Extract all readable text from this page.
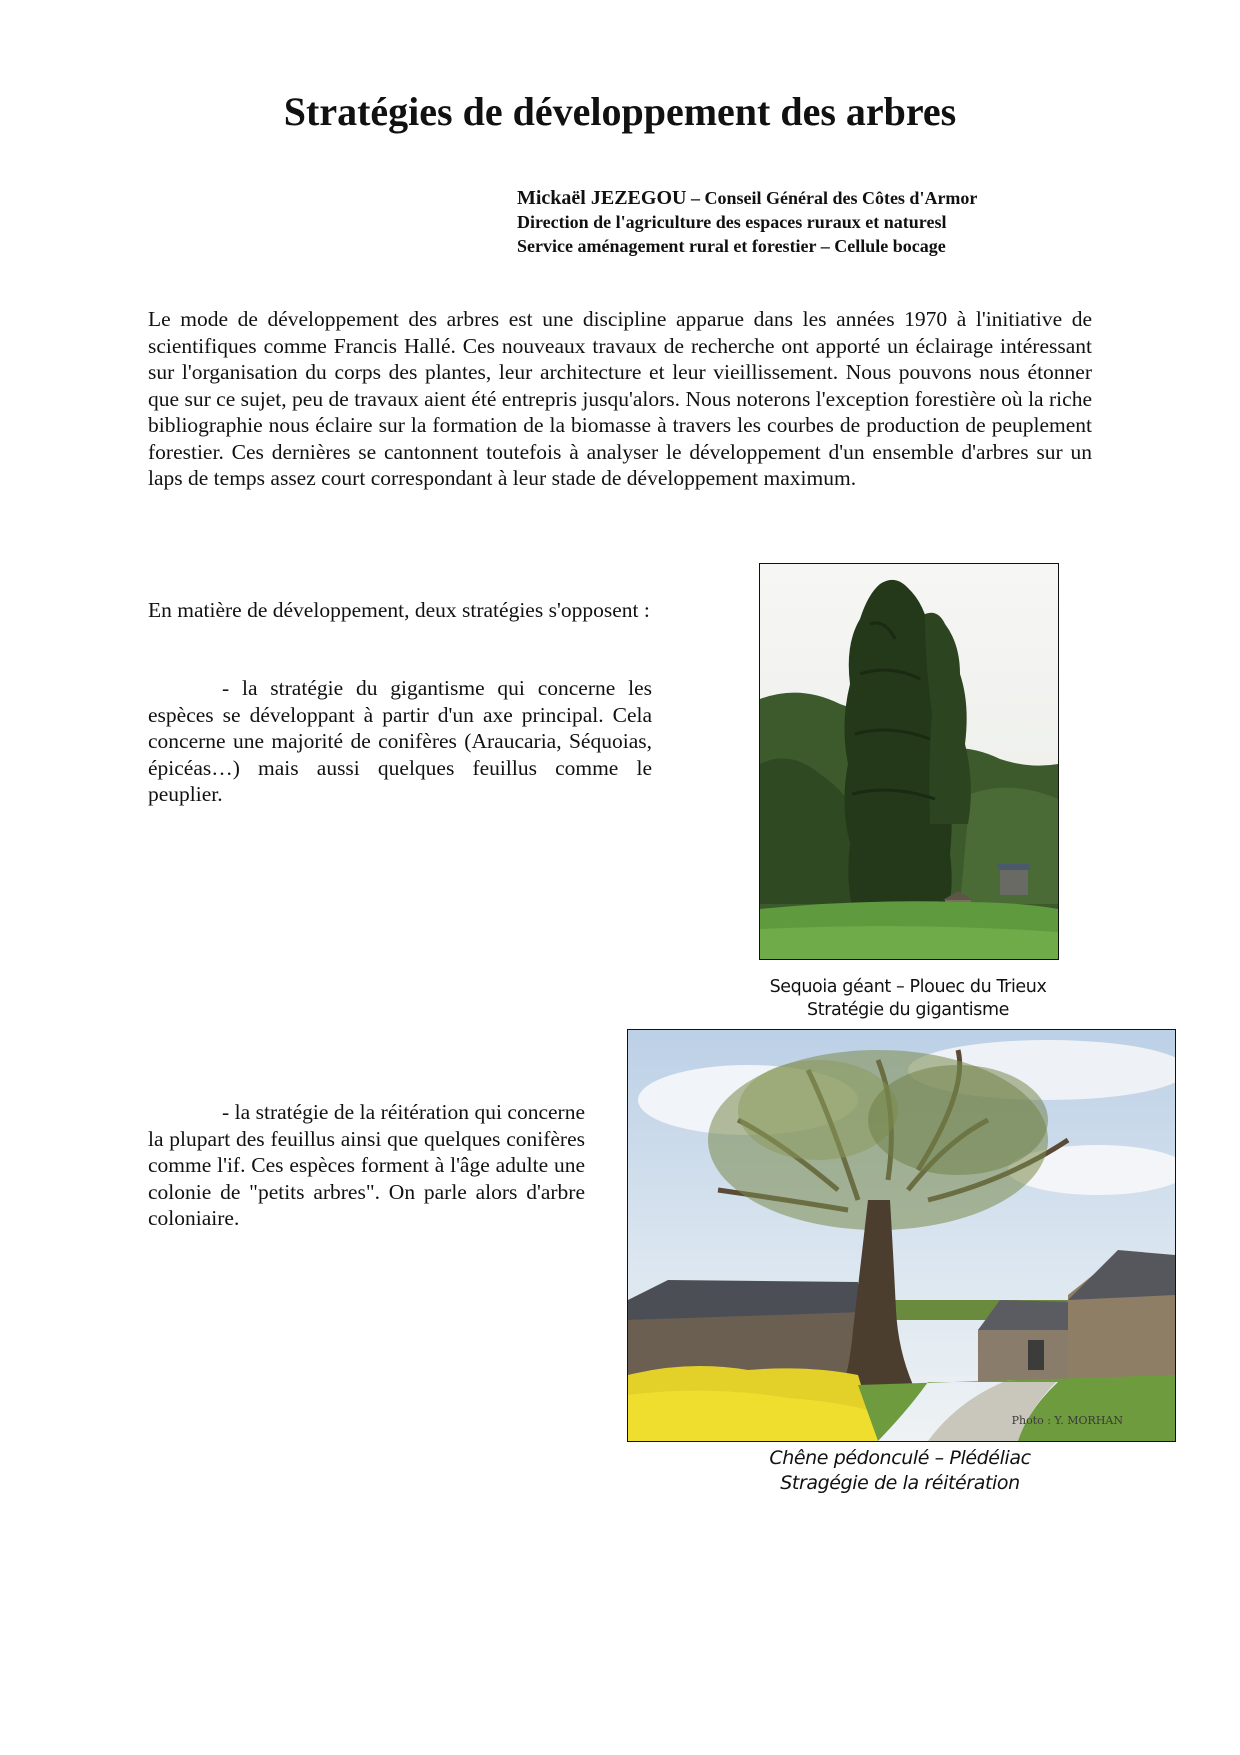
Stratégies de développement des arbres
Mickaël JEZEGOU – Conseil Général des Côtes d'Armor
Direction de l'agriculture des espaces ruraux et naturesl
Service aménagement rural et forestier – Cellule bocage

Le mode de développement des arbres est une discipline apparue dans les années 1970 à l'initiative de scientifiques comme Francis Hallé. Ces nouveaux travaux de recherche ont apporté un éclairage intéressant sur l'organisation du corps des plantes, leur architecture et leur vieillissement. Nous pouvons nous étonner que sur ce sujet, peu de travaux aient été entrepris jusqu'alors. Nous noterons l'exception forestière où la riche bibliographie nous éclaire sur la formation de la biomasse à travers les courbes de production de peuplement forestier. Ces dernières se cantonnent toutefois à analyser le développement d'un ensemble d'arbres sur un laps de temps assez court correspondant à leur stade de développement maximum.

En matière de développement, deux stratégies s'opposent :

- la stratégie du gigantisme qui concerne les espèces se développant à partir d'un axe principal. Cela concerne une majorité de conifères (Araucaria, Séquoias, épicéas…) mais aussi quelques feuillus comme le peuplier.

Sequoia géant – Plouec du Trieux
Stratégie du gigantisme

- la stratégie de la réitération qui concerne la plupart des feuillus ainsi que quelques conifères comme l'if. Ces espèces forment à l'âge adulte une colonie de "petits arbres". On parle alors d'arbre coloniaire.

Photo : Y. MORHAN
Chêne pédonculé – Plédéliac
Stragégie de la réitération
